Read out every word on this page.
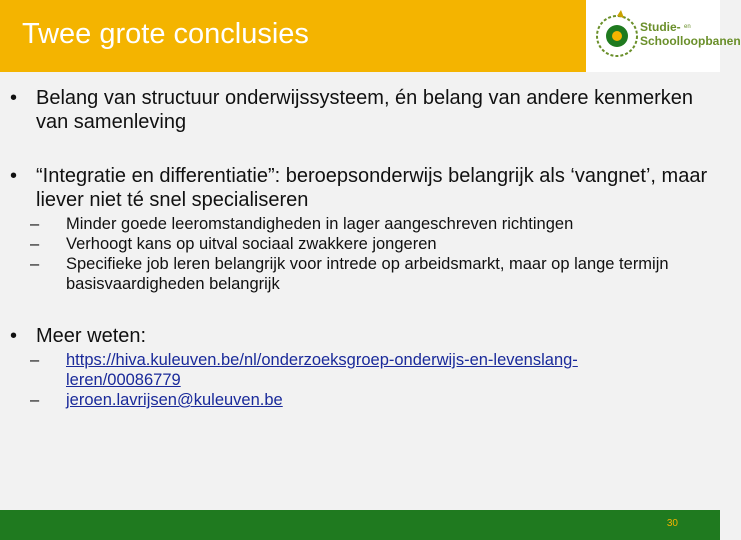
Twee grote conclusies	Studie- $^{en}$
Schoolloopbanen

• Belang van structuur onderwijssysteem, én belang van andere kenmerken van samenleving

• “Integratie en differentiatie”: beroepsonderwijs belangrijk als ‘vangnet’, maar liever niet té snel specialiseren

– Minder goede leeromstandigheden in lager aangeschreven richtingen
– Verhoogt kans op uitval sociaal zwakkere jongeren
– Specifieke job leren belangrijk voor intrede op arbeidsmarkt, maar op lange termijn basisvaardigheden belangrijk

• Meer weten:

– https://hiva.kuleuven.be/nl/onderzoeksgroep-onderwijs-en-levenslang-leren/00086779
– jeroen.lavrijsen@kuleuven.be
30
